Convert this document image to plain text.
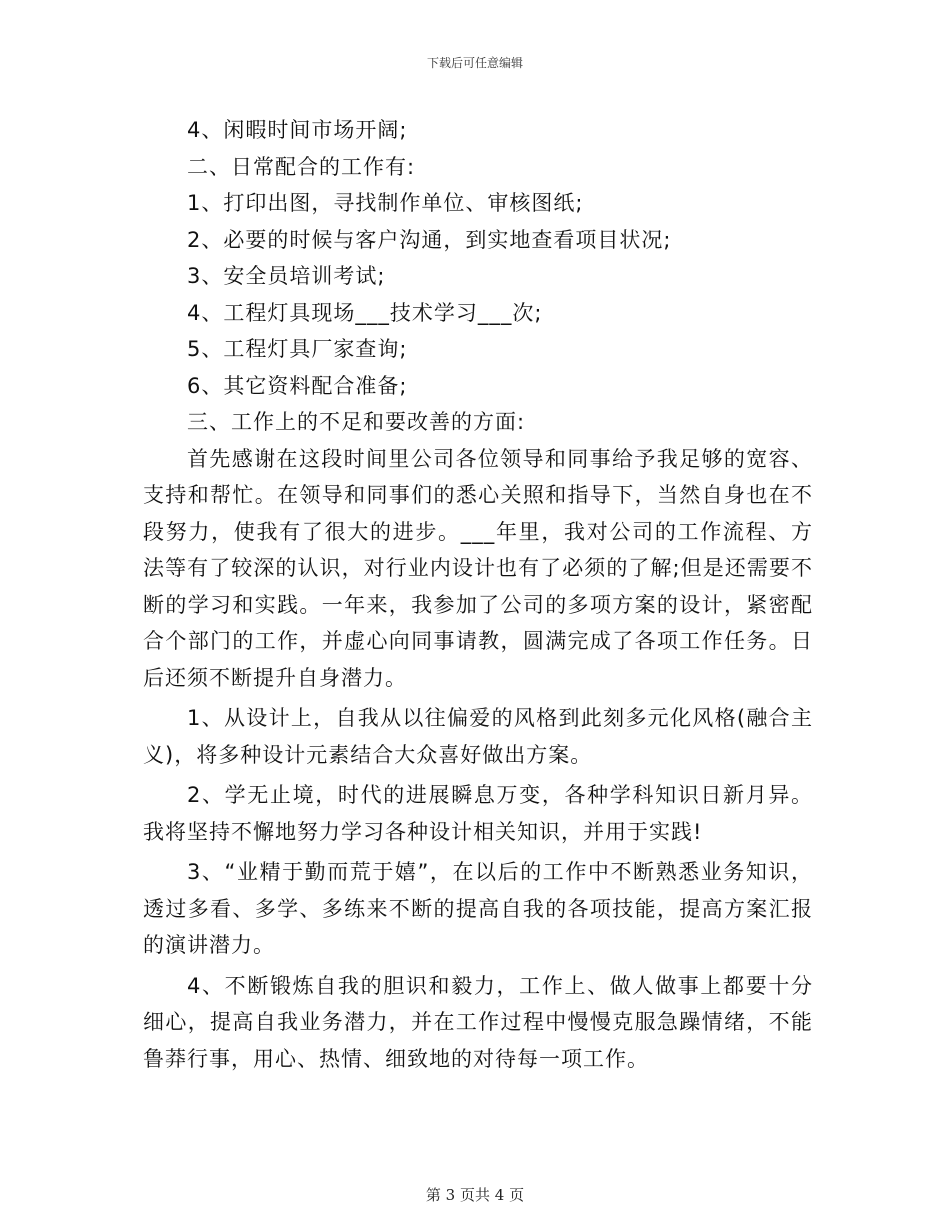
下载后可任意编辑

4、闲暇时间市场开阔;

二、日常配合的工作有:

1、打印出图，寻找制作单位、审核图纸;

2、必要的时候与客户沟通，到实地查看项目状况;

3、安全员培训考试;

4、工程灯具现场___技术学习___次;

5、工程灯具厂家查询;

6、其它资料配合准备;

三、工作上的不足和要改善的方面:

首先感谢在这段时间里公司各位领导和同事给予我足够的宽容、支持和帮忙。在领导和同事们的悉心关照和指导下，当然自身也在不段努力，使我有了很大的进步。___年里，我对公司的工作流程、方法等有了较深的认识，对行业内设计也有了必须的了解;但是还需要不断的学习和实践。一年来，我参加了公司的多项方案的设计，紧密配合个部门的工作，并虚心向同事请教，圆满完成了各项工作任务。日后还须不断提升自身潜力。

1、从设计上，自我从以往偏爱的风格到此刻多元化风格(融合主义)，将多种设计元素结合大众喜好做出方案。

2、学无止境，时代的进展瞬息万变，各种学科知识日新月异。我将坚持不懈地努力学习各种设计相关知识，并用于实践!

3、“业精于勤而荒于嬉”，在以后的工作中不断熟悉业务知识，透过多看、多学、多练来不断的提高自我的各项技能，提高方案汇报的演讲潜力。

4、不断锻炼自我的胆识和毅力，工作上、做人做事上都要十分细心，提高自我业务潜力，并在工作过程中慢慢克服急躁情绪，不能鲁莽行事，用心、热情、细致地的对待每一项工作。

第 3 页共 4 页
